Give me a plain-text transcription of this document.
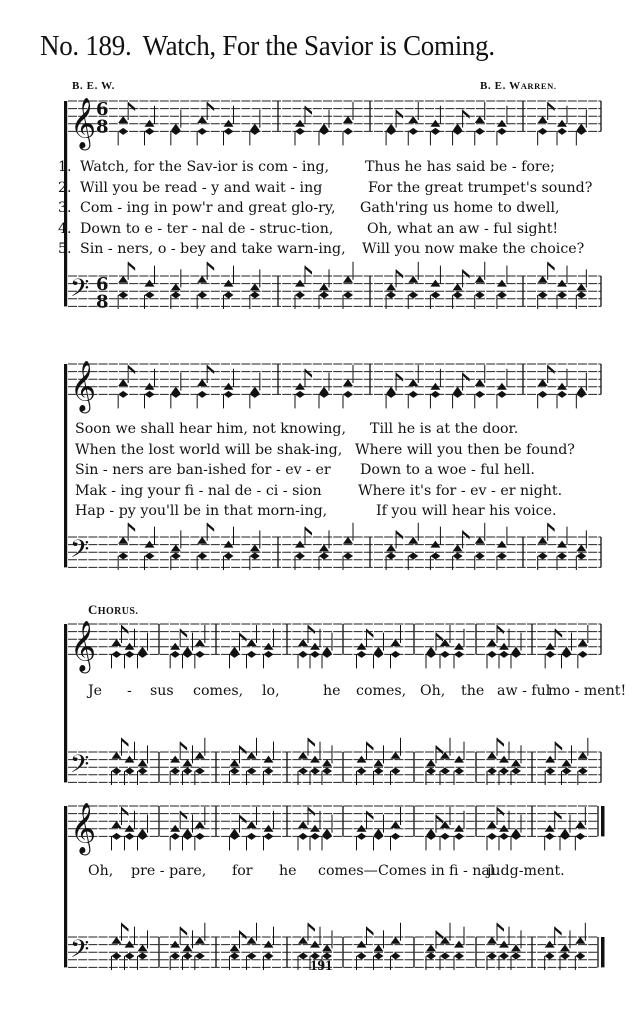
No. 189. Watch, For the Savior is Coming.
B. E. W.	B. E. WARREN.
𝄞 6
8
𝄢 6
8
𝄞
𝄢
𝄞
𝄢
𝄞
𝄢
1. Watch, for the Sav-ior is com - ing,	Thus he has said be - fore;
2. Will you be read - y and wait - ing	For the great trumpet's sound?
3. Com - ing in pow'r and great glo-ry, Gath'ring us home to dwell,
4. Down to e - ter - nal de - struc-tion, Oh, what an aw - ful sight!
5. Sin - ners, o - bey and take warn-ing, Will you now make the choice?
Soon we shall hear him, not knowing, Till he is at the door.
When the lost world will be shak-ing, Where will you then be found?
Sin - ners are ban-ished for - ev - er Down to a woe - ful hell.
Mak - ing your fi - nal de - ci - sion	Where it's for - ev - er night.
Hap - py you'll be in that morn-ing,	If you will hear his voice.
CHORUS.
Je - sus comes, lo,	he comes, Oh, the aw - ful
mo - ment!
Oh, pre - pare, for he comes— Comes in fi - nal
judg-ment.
191
